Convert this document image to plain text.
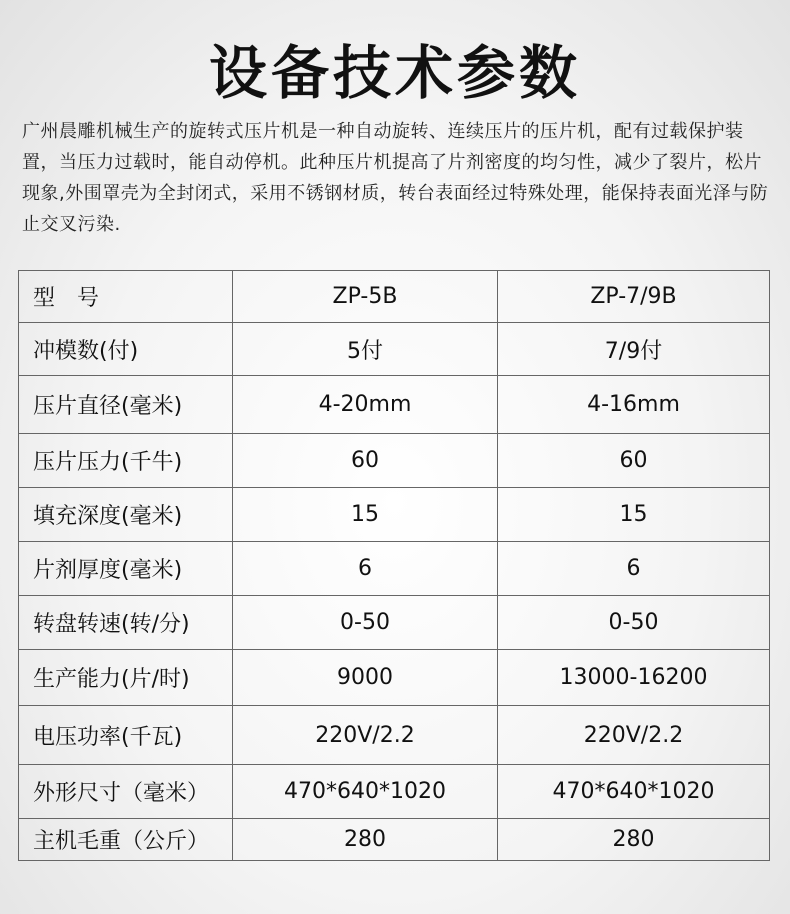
设备技术参数
广州晨雕机械生产的旋转式压片机是一种自动旋转、连续压片的压片机，配有过载保护装置，当压力过载时，能自动停机。此种压片机提高了片剂密度的均匀性，减少了裂片，松片现象,外围罩壳为全封闭式，采用不锈钢材质，转台表面经过特殊处理，能保持表面光泽与防止交叉污染.
型　号	ZP-5B	ZP-7/9B
冲模数(付)	5付	7/9付
压片直径(毫米)	4-20mm	4-16mm
压片压力(千牛)	60	60
填充深度(毫米)	15	15
片剂厚度(毫米)	6	6
转盘转速(转/分)	0-50	0-50
生产能力(片/时)	9000	13000-16200
电压功率(千瓦)	220V/2.2	220V/2.2
外形尺寸（毫米）	470*640*1020	470*640*1020
主机毛重（公斤）	280	280
